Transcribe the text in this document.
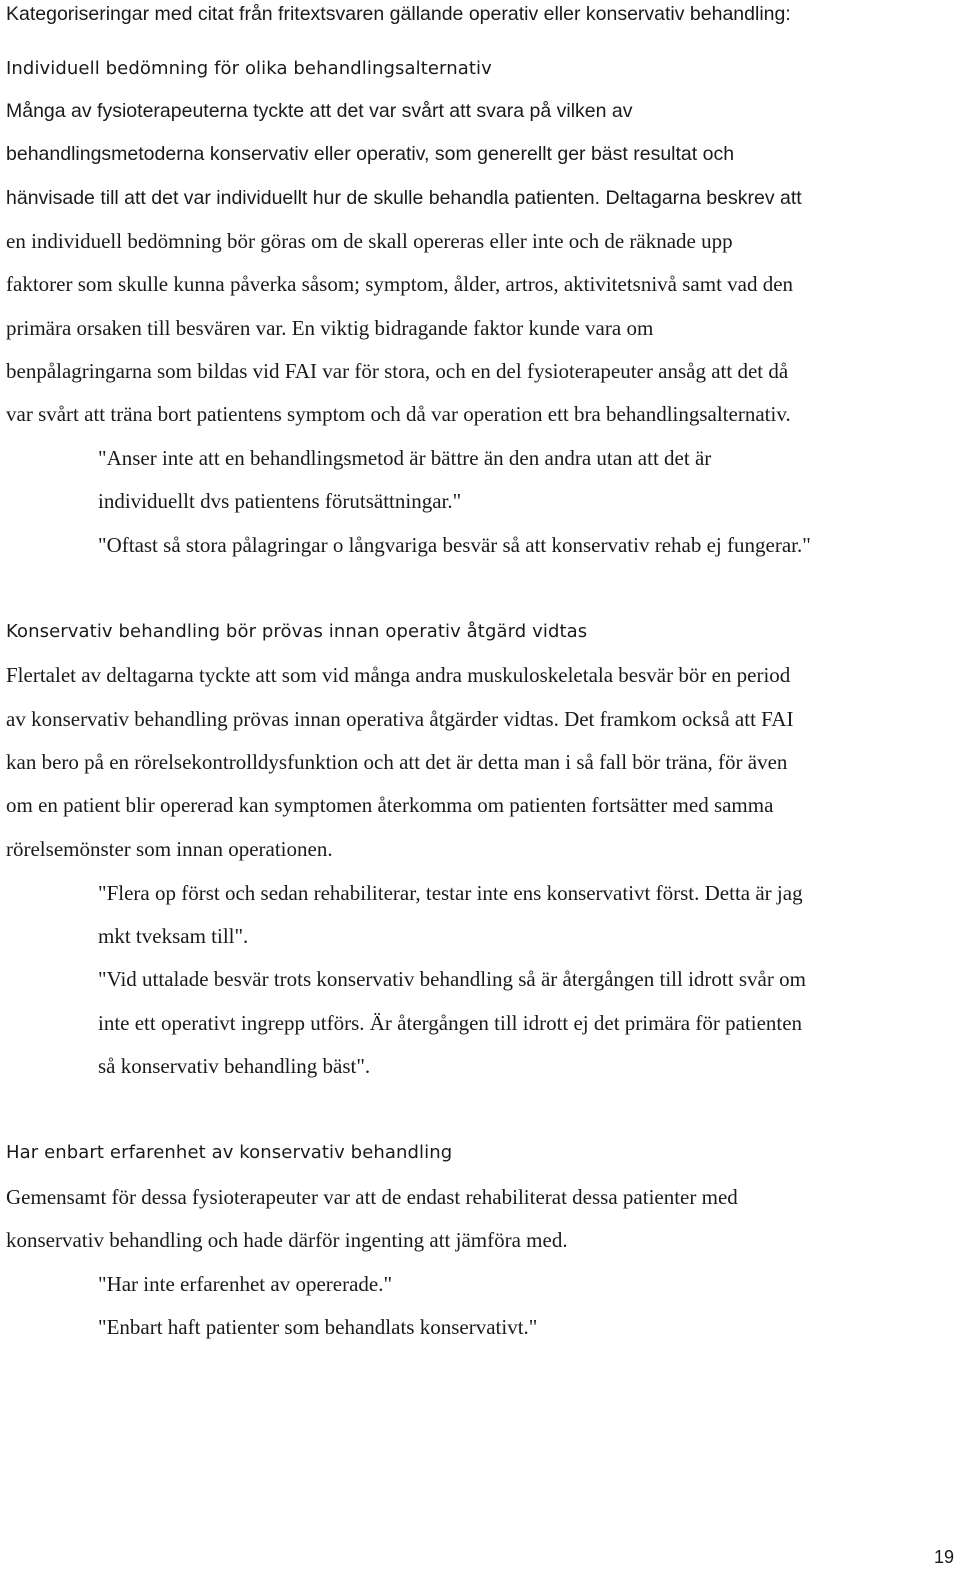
Kategoriseringar med citat från fritextsvaren gällande operativ eller konservativ behandling:

Individuell bedömning för olika behandlingsalternativ

Många av fysioterapeuterna tyckte att det var svårt att svara på vilken av

behandlingsmetoderna konservativ eller operativ, som generellt ger bäst resultat och

hänvisade till att det var individuellt hur de skulle behandla patienten. Deltagarna beskrev att

en individuell bedömning bör göras om de skall opereras eller inte och de räknade upp

faktorer som skulle kunna påverka såsom; symptom, ålder, artros, aktivitetsnivå samt vad den

primära orsaken till besvären var. En viktig bidragande faktor kunde vara om

benpålagringarna som bildas vid FAI var för stora, och en del fysioterapeuter ansåg att det då

var svårt att träna bort patientens symptom och då var operation ett bra behandlingsalternativ.

"Anser inte att en behandlingsmetod är bättre än den andra utan att det är

individuellt dvs patientens förutsättningar."

"Oftast så stora pålagringar o långvariga besvär så att konservativ rehab ej fungerar."

Konservativ behandling bör prövas innan operativ åtgärd vidtas

Flertalet av deltagarna tyckte att som vid många andra muskuloskeletala besvär bör en period

av konservativ behandling prövas innan operativa åtgärder vidtas. Det framkom också att FAI

kan bero på en rörelsekontrolldysfunktion och att det är detta man i så fall bör träna, för även

om en patient blir opererad kan symptomen återkomma om patienten fortsätter med samma

rörelsemönster som innan operationen.

"Flera op först och sedan rehabiliterar, testar inte ens konservativt först. Detta är jag

mkt tveksam till".

"Vid uttalade besvär trots konservativ behandling så är återgången till idrott svår om

inte ett operativt ingrepp utförs. Är återgången till idrott ej det primära för patienten

så konservativ behandling bäst".

Har enbart erfarenhet av konservativ behandling

Gemensamt för dessa fysioterapeuter var att de endast rehabiliterat dessa patienter med

konservativ behandling och hade därför ingenting att jämföra med.

"Har inte erfarenhet av opererade."

"Enbart haft patienter som behandlats konservativt."

19
